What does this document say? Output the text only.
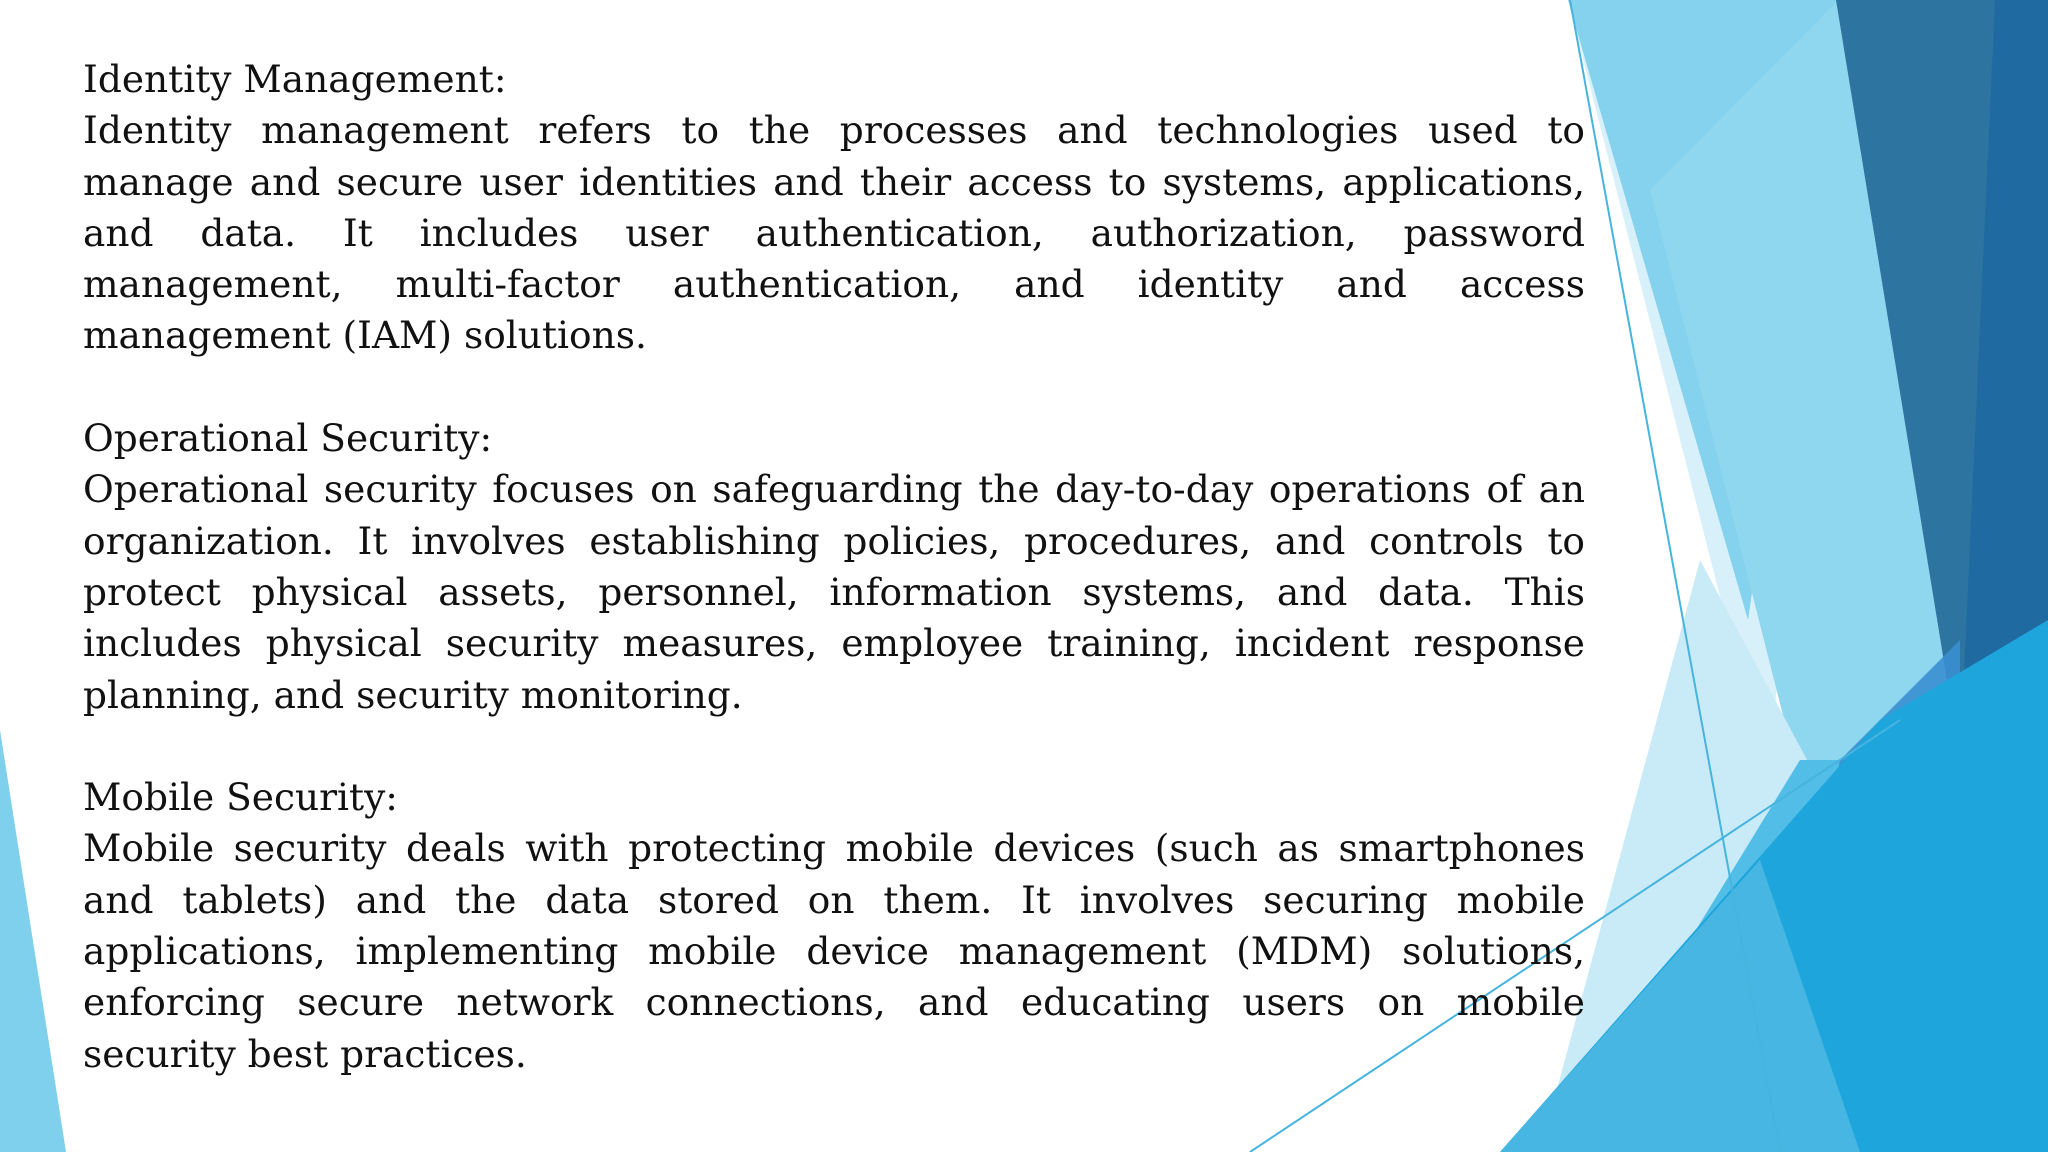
Identity Management:
Identity management refers to the processes and technologies used to manage and secure user identities and their access to systems, applications, and data. It includes user authentication, authorization, password management, multi-factor authentication, and identity and access management (IAM) solutions.
Operational Security:
Operational security focuses on safeguarding the day-to-day operations of an organization. It involves establishing policies, procedures, and controls to protect physical assets, personnel, information systems, and data. This includes physical security measures, employee training, incident response planning, and security monitoring.
Mobile Security:
Mobile security deals with protecting mobile devices (such as smartphones and tablets) and the data stored on them. It involves securing mobile applications, implementing mobile device management (MDM) solutions, enforcing secure network connections, and educating users on mobile security best practices.
